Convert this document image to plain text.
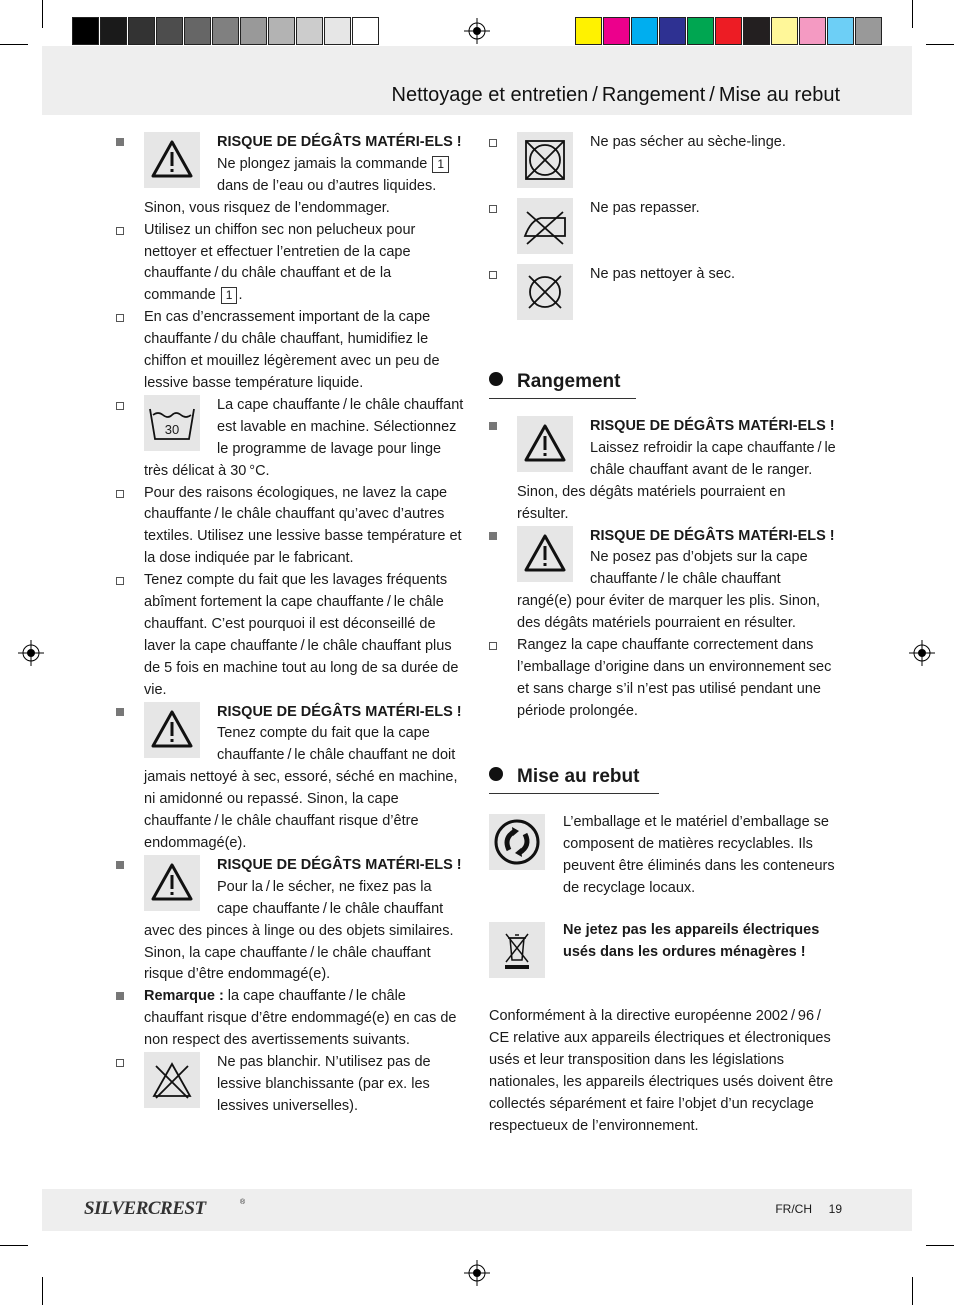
Nettoyage et entretien / Rangement / Mise au rebut
RISQUE DE DÉGÂTS MATÉRI-ELS ! Ne plongez jamais la commande 1 dans de l’eau ou d’autres liquides. Sinon, vous risquez de l’endommager.
Utilisez un chiffon sec non pelucheux pour nettoyer et effectuer l’entretien de la cape chauffante / du châle chauffant et de la commande 1 .
En cas d’encrassement important de la cape chauffante / du châle chauffant, humidifiez le chiffon et mouillez légèrement avec un peu de lessive basse température liquide.
30
La cape chauffante / le châle chauffant est lavable en machine. Sélectionnez le programme de lavage pour linge très délicat à 30 °C.
Pour des raisons écologiques, ne lavez la cape chauffante / le châle chauffant qu’avec d’autres textiles. Utilisez une lessive basse température et la dose indiquée par le fabricant.
Tenez compte du fait que les lavages fréquents abîment fortement la cape chauffante / le châle chauffant. C’est pourquoi il est déconseillé de laver la cape chauffante / le châle chauffant plus de 5 fois en machine tout au long de sa durée de vie.
RISQUE DE DÉGÂTS MATÉRI-ELS ! Tenez compte du fait que la cape chauffante / le châle chauffant ne doit jamais nettoyé à sec, essoré, séché en machine, ni amidonné ou repassé. Sinon, la cape chauffante / le châle chauffant risque d’être endommagé(e).
RISQUE DE DÉGÂTS MATÉRI-ELS ! Pour la / le sécher, ne fixez pas la cape chauffante / le châle chauffant avec des pinces à linge ou des objets similaires. Sinon, la cape chauffante / le châle chauffant risque d’être endommagé(e).
Remarque : la cape chauffante / le châle chauffant risque d’être endommagé(e) en cas de non respect des avertissements suivants.
Ne pas blanchir. N’utilisez pas de lessive blanchissante (par ex. les lessives universelles).
Ne pas sécher au sèche-linge.
Ne pas repasser.
Ne pas nettoyer à sec.
Rangement
RISQUE DE DÉGÂTS MATÉRI-ELS ! Laissez refroidir la cape chauffante / le châle chauffant avant de le ranger. Sinon, des dégâts matériels pourraient en résulter.
RISQUE DE DÉGÂTS MATÉRI-ELS ! Ne posez pas d’objets sur la cape chauffante / le châle chauffant rangé(e) pour éviter de marquer les plis. Sinon, des dégâts matériels pourraient en résulter.
Rangez la cape chauffante correctement dans l’emballage d’origine dans un environnement sec et sans charge s’il n’est pas utilisé pendant une période prolongée.
Mise au rebut
L’emballage et le matériel d’emballage se composent de matières recyclables. Ils peuvent être éliminés dans les conteneurs de recyclage locaux.
Ne jetez pas les appareils électriques usés dans les ordures ménagères !
Conformément à la directive européenne 2002 / 96 / CE relative aux appareils électriques et électroniques usés et leur transposition dans les législations nationales, les appareils électriques usés doivent être collectés séparément et faire l’objet d’un recyclage respectueux de l’environnement.
SILVERCREST	®	FR/CH 19
